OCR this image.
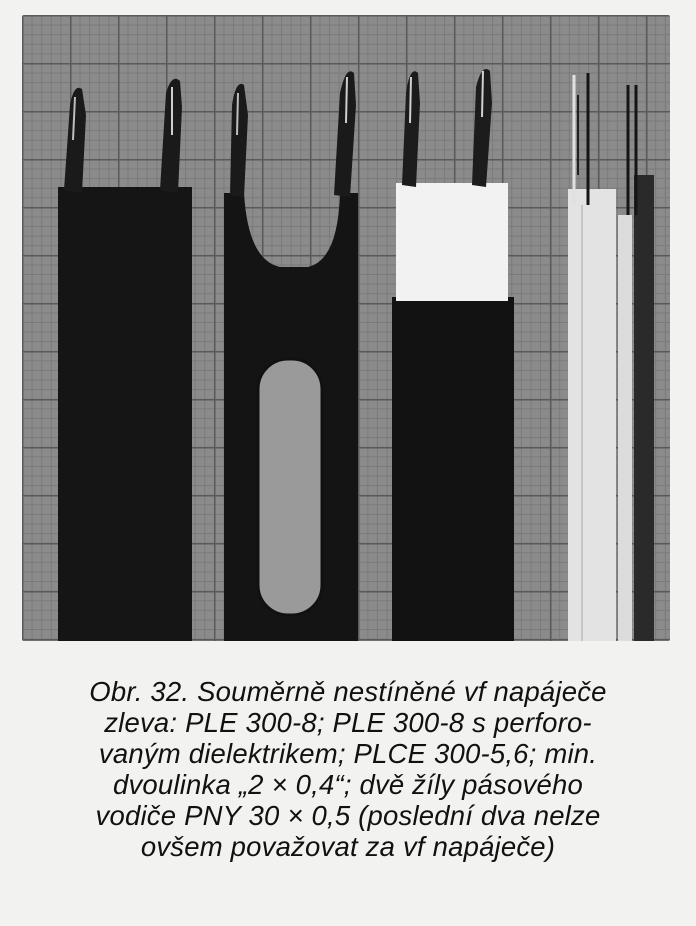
Obr. 32. Souměrně nestíněné vf napáječe
zleva: PLE 300-8; PLE 300-8 s perforo-
vaným dielektrikem; PLCE 300-5,6; min.
dvoulinka „2 × 0,4“; dvě žíly pásového
vodiče PNY 30 × 0,5 (poslední dva nelze
ovšem považovat za vf napáječe)
